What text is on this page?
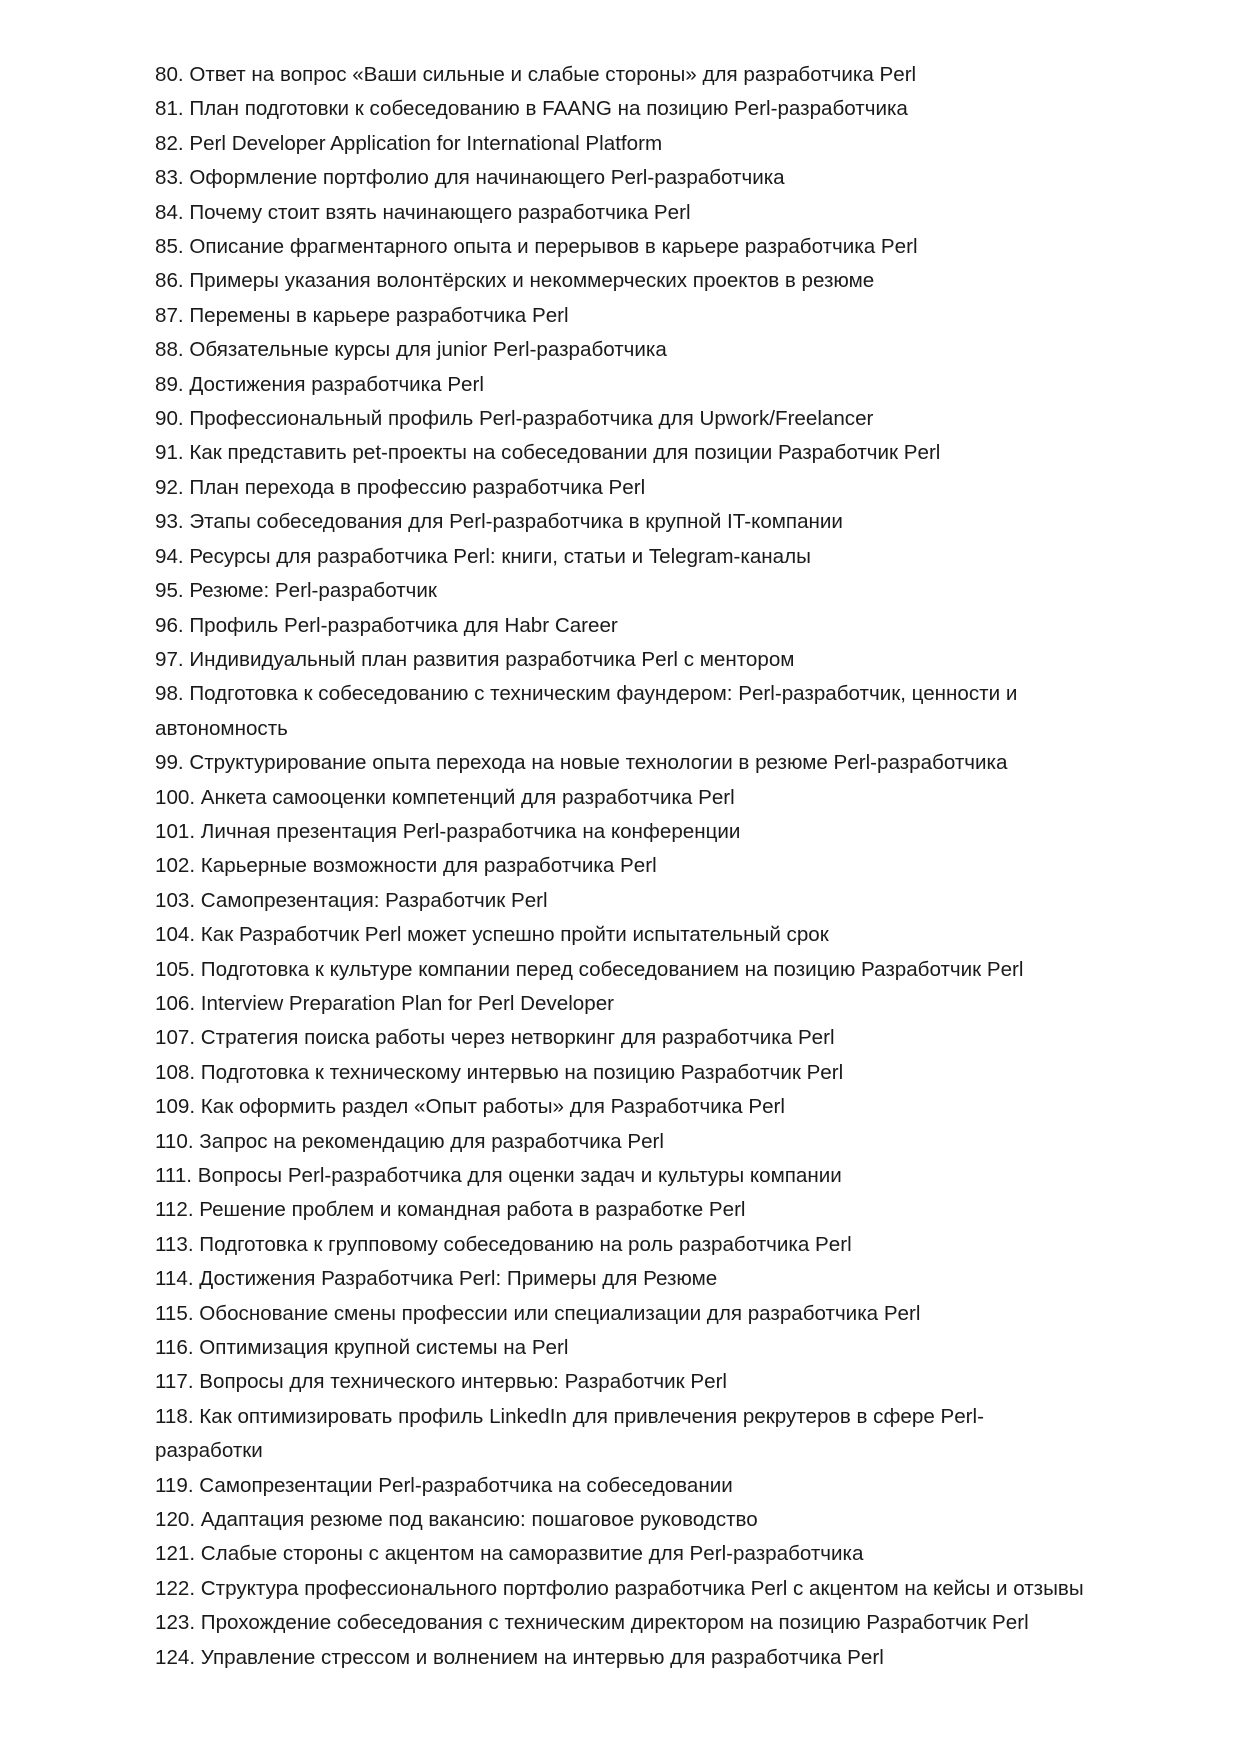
80. Ответ на вопрос «Ваши сильные и слабые стороны» для разработчика Perl

81. План подготовки к собеседованию в FAANG на позицию Perl-разработчика

82. Perl Developer Application for International Platform

83. Оформление портфолио для начинающего Perl-разработчика

84. Почему стоит взять начинающего разработчика Perl

85. Описание фрагментарного опыта и перерывов в карьере разработчика Perl

86. Примеры указания волонтёрских и некоммерческих проектов в резюме

87. Перемены в карьере разработчика Perl

88. Обязательные курсы для junior Perl-разработчика

89. Достижения разработчика Perl

90. Профессиональный профиль Perl-разработчика для Upwork/Freelancer

91. Как представить pet-проекты на собеседовании для позиции Разработчик Perl

92. План перехода в профессию разработчика Perl

93. Этапы собеседования для Perl-разработчика в крупной IT-компании

94. Ресурсы для разработчика Perl: книги, статьи и Telegram-каналы

95. Резюме: Perl-разработчик

96. Профиль Perl-разработчика для Habr Career

97. Индивидуальный план развития разработчика Perl с ментором

98. Подготовка к собеседованию с техническим фаундером: Perl-разработчик, ценности и автономность

99. Структурирование опыта перехода на новые технологии в резюме Perl-разработчика

100. Анкета самооценки компетенций для разработчика Perl

101. Личная презентация Perl-разработчика на конференции

102. Карьерные возможности для разработчика Perl

103. Самопрезентация: Разработчик Perl

104. Как Разработчик Perl может успешно пройти испытательный срок

105. Подготовка к культуре компании перед собеседованием на позицию Разработчик Perl

106. Interview Preparation Plan for Perl Developer

107. Стратегия поиска работы через нетворкинг для разработчика Perl

108. Подготовка к техническому интервью на позицию Разработчик Perl

109. Как оформить раздел «Опыт работы» для Разработчика Perl

110. Запрос на рекомендацию для разработчика Perl

111. Вопросы Perl-разработчика для оценки задач и культуры компании

112. Решение проблем и командная работа в разработке Perl

113. Подготовка к групповому собеседованию на роль разработчика Perl

114. Достижения Разработчика Perl: Примеры для Резюме

115. Обоснование смены профессии или специализации для разработчика Perl

116. Оптимизация крупной системы на Perl

117. Вопросы для технического интервью: Разработчик Perl

118. Как оптимизировать профиль LinkedIn для привлечения рекрутеров в сфере Perl-разработки

119. Самопрезентации Perl-разработчика на собеседовании

120. Адаптация резюме под вакансию: пошаговое руководство

121. Слабые стороны с акцентом на саморазвитие для Perl-разработчика

122. Структура профессионального портфолио разработчика Perl с акцентом на кейсы и отзывы

123. Прохождение собеседования с техническим директором на позицию Разработчик Perl

124. Управление стрессом и волнением на интервью для разработчика Perl
